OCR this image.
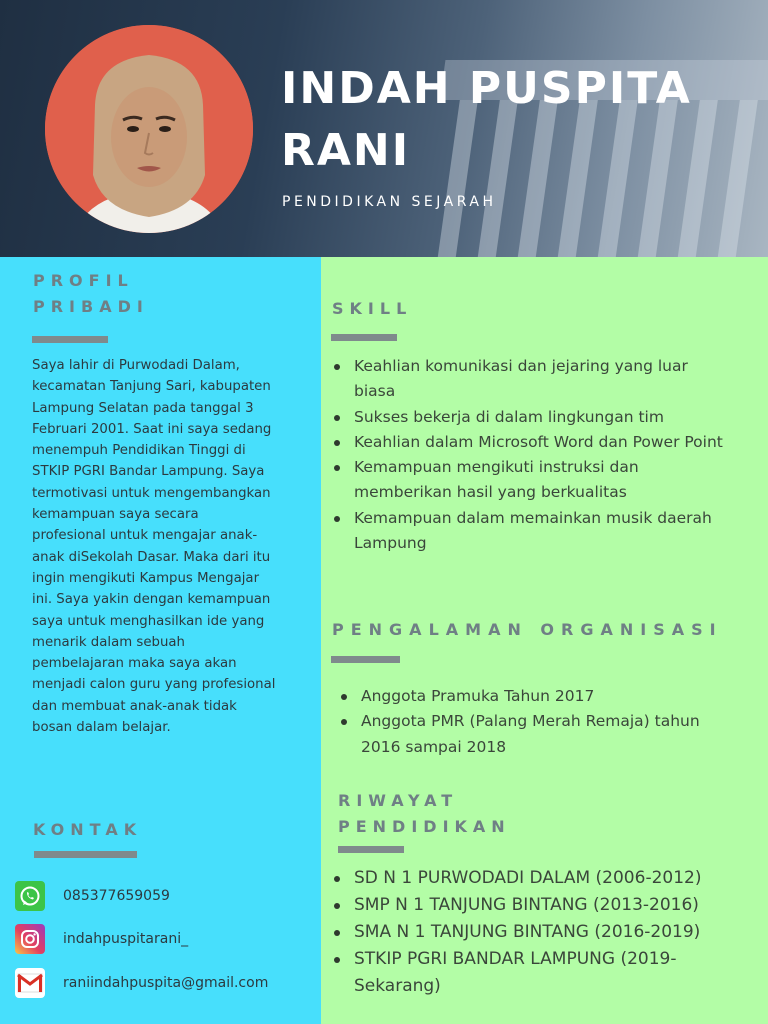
INDAH PUSPITA RANI
PENDIDIKAN SEJARAH
PROFIL PRIBADI

Saya lahir di Purwodadi Dalam, kecamatan Tanjung Sari, kabupaten Lampung Selatan pada tanggal 3 Februari 2001. Saat ini saya sedang menempuh Pendidikan Tinggi di STKIP PGRI Bandar Lampung. Saya termotivasi untuk mengembangkan kemampuan saya secara profesional untuk mengajar anak-anak diSekolah Dasar. Maka dari itu ingin mengikuti Kampus Mengajar ini. Saya yakin dengan kemampuan saya untuk menghasilkan ide yang menarik dalam sebuah pembelajaran maka saya akan menjadi calon guru yang profesional dan membuat anak-anak tidak bosan dalam belajar.

KONTAK
085377659059
indahpuspitarani_
raniindahpuspita@gmail.com
SKILL
Keahlian komunikasi dan jejaring yang luar biasa
Sukses bekerja di dalam lingkungan tim
Keahlian dalam Microsoft Word dan Power Point
Kemampuan mengikuti instruksi dan memberikan hasil yang berkualitas
Kemampuan dalam memainkan musik daerah Lampung
PENGALAMAN ORGANISASI
Anggota Pramuka Tahun 2017
Anggota PMR (Palang Merah Remaja) tahun 2016 sampai 2018
RIWAYAT PENDIDIKAN
SD N 1 PURWODADI DALAM (2006-2012)
SMP N 1 TANJUNG BINTANG (2013-2016)
SMA N 1 TANJUNG BINTANG (2016-2019)
STKIP PGRI BANDAR LAMPUNG (2019-Sekarang)
